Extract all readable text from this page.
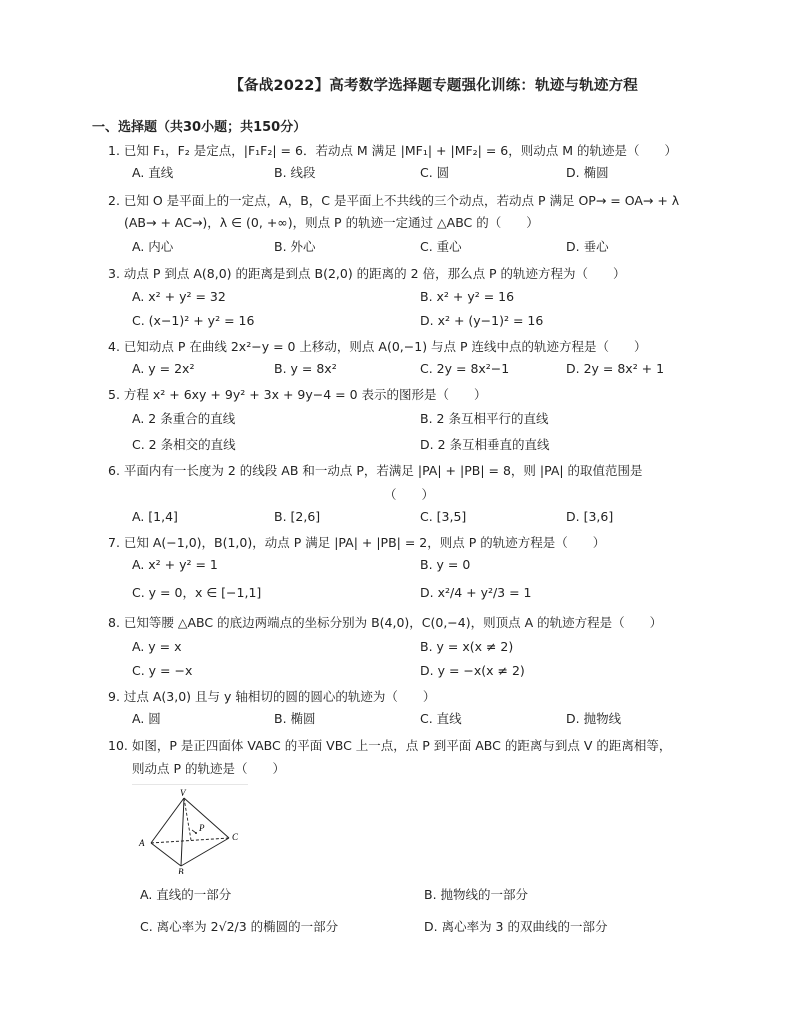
【备战2022】高考数学选择题专题强化训练：轨迹与轨迹方程
一、选择题（共30小题；共150分）
1. 已知 F₁，F₂ 是定点，|F₁F₂| = 6．若动点 M 满足 |MF₁| + |MF₂| = 6，则动点 M 的轨迹是（　　）
A. 直线	B. 线段	C. 圆	D. 椭圆
2. 已知 O 是平面上的一定点，A，B，C 是平面上不共线的三个动点，若动点 P 满足 OP→ = OA→ + λ
(AB→ + AC→)，λ ∈ (0, +∞)，则点 P 的轨迹一定通过 △ABC 的（　　）
A. 内心	B. 外心	C. 重心	D. 垂心
3. 动点 P 到点 A(8,0) 的距离是到点 B(2,0) 的距离的 2 倍，那么点 P 的轨迹方程为（　　）
A. x² + y² = 32	B. x² + y² = 16
C. (x−1)² + y² = 16	D. x² + (y−1)² = 16
4. 已知动点 P 在曲线 2x²−y = 0 上移动，则点 A(0,−1) 与点 P 连线中点的轨迹方程是（　　）
A. y = 2x²	B. y = 8x²	C. 2y = 8x²−1	D. 2y = 8x² + 1
5. 方程 x² + 6xy + 9y² + 3x + 9y−4 = 0 表示的图形是（　　）
A. 2 条重合的直线	B. 2 条互相平行的直线
C. 2 条相交的直线	D. 2 条互相垂直的直线
6. 平面内有一长度为 2 的线段 AB 和一动点 P，若满足 |PA| + |PB| = 8，则 |PA| 的取值范围是
（　　）
A. [1,4]	B. [2,6]	C. [3,5]	D. [3,6]
7. 已知 A(−1,0)，B(1,0)，动点 P 满足 |PA| + |PB| = 2，则点 P 的轨迹方程是（　　）
A. x² + y² = 1	B. y = 0
C. y = 0，x ∈ [−1,1]	D. x²/4 + y²/3 = 1
8. 已知等腰 △ABC 的底边两端点的坐标分别为 B(4,0)，C(0,−4)，则顶点 A 的轨迹方程是（　　）
A. y = x	B. y = x(x ≠ 2)
C. y = −x	D. y = −x(x ≠ 2)
9. 过点 A(3,0) 且与 y 轴相切的圆的圆心的轨迹为（　　）
A. 圆	B. 椭圆	C. 直线	D. 抛物线
10. 如图，P 是正四面体 VABC 的平面 VBC 上一点，点 P 到平面 ABC 的距离与到点 V 的距离相等，
则动点 P 的轨迹是（　　）
V
P
A
C
B
A. 直线的一部分	B. 抛物线的一部分
C. 离心率为 2√2/3 的椭圆的一部分	D. 离心率为 3 的双曲线的一部分
